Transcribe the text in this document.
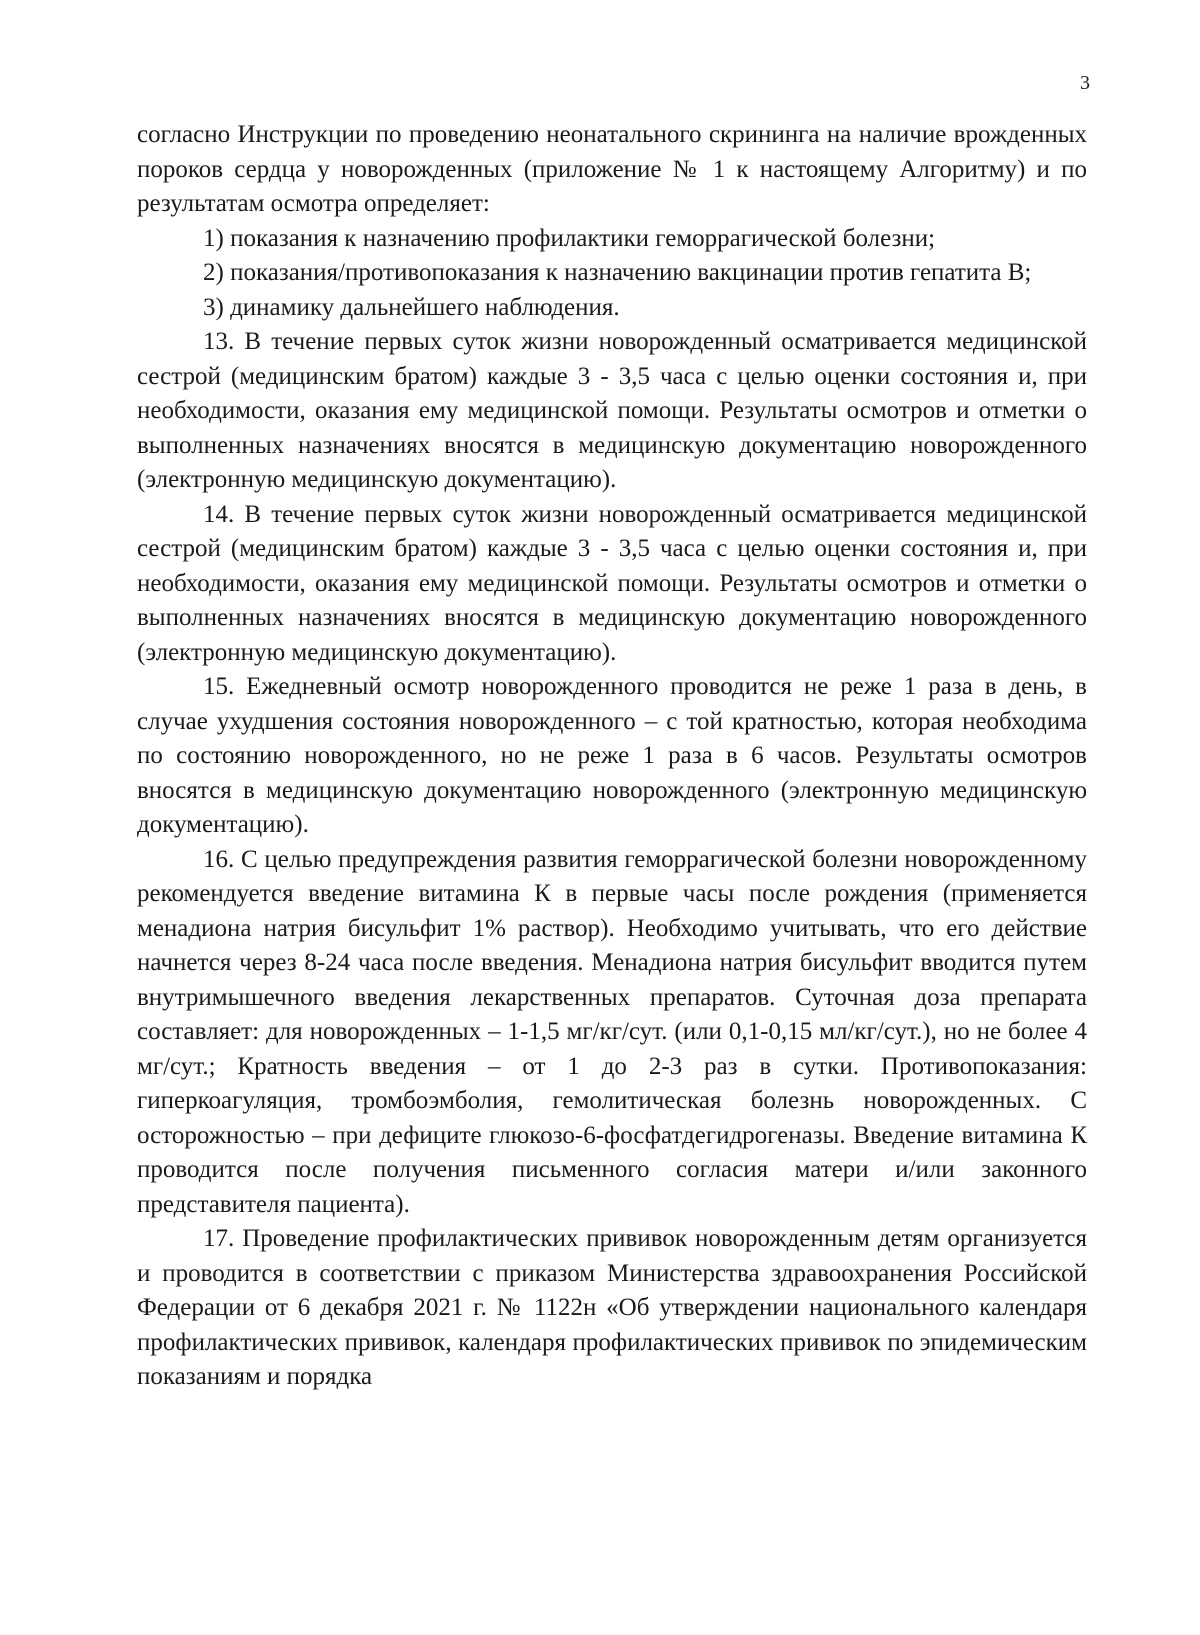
3

согласно Инструкции по проведению неонатального скрининга на наличие врожденных пороков сердца у новорожденных (приложение № 1 к настоящему Алгоритму) и по результатам осмотра определяет:

1) показания к назначению профилактики геморрагической болезни;

2) показания/противопоказания к назначению вакцинации против гепатита В;

3) динамику дальнейшего наблюдения.

13. В течение первых суток жизни новорожденный осматривается медицинской сестрой (медицинским братом) каждые 3 - 3,5 часа с целью оценки состояния и, при необходимости, оказания ему медицинской помощи. Результаты осмотров и отметки о выполненных назначениях вносятся в медицинскую документацию новорожденного (электронную медицинскую документацию).

14. В течение первых суток жизни новорожденный осматривается медицинской сестрой (медицинским братом) каждые 3 - 3,5 часа с целью оценки состояния и, при необходимости, оказания ему медицинской помощи. Результаты осмотров и отметки о выполненных назначениях вносятся в медицинскую документацию новорожденного (электронную медицинскую документацию).

15. Ежедневный осмотр новорожденного проводится не реже 1 раза в день, в случае ухудшения состояния новорожденного – с той кратностью, которая необходима по состоянию новорожденного, но не реже 1 раза в 6 часов. Результаты осмотров вносятся в медицинскую документацию новорожденного (электронную медицинскую документацию).

16. С целью предупреждения развития геморрагической болезни новорожденному рекомендуется введение витамина К в первые часы после рождения (применяется менадиона натрия бисульфит 1% раствор). Необходимо учитывать, что его действие начнется через 8-24 часа после введения. Менадиона натрия бисульфит вводится путем внутримышечного введения лекарственных препаратов. Суточная доза препарата составляет: для новорожденных – 1-1,5 мг/кг/сут. (или 0,1-0,15 мл/кг/сут.), но не более 4 мг/сут.; Кратность введения – от 1 до 2-3 раз в сутки. Противопоказания: гиперкоагуляция, тромбоэмболия, гемолитическая болезнь новорожденных. С осторожностью – при дефиците глюкозо-6-фосфатдегидрогеназы. Введение витамина К проводится после получения письменного согласия матери и/или законного представителя пациента).

17. Проведение профилактических прививок новорожденным детям организуется и проводится в соответствии с приказом Министерства здравоохранения Российской Федерации от 6 декабря 2021 г. № 1122н «Об утверждении национального календаря профилактических прививок, календаря профилактических прививок по эпидемическим показаниям и порядка
